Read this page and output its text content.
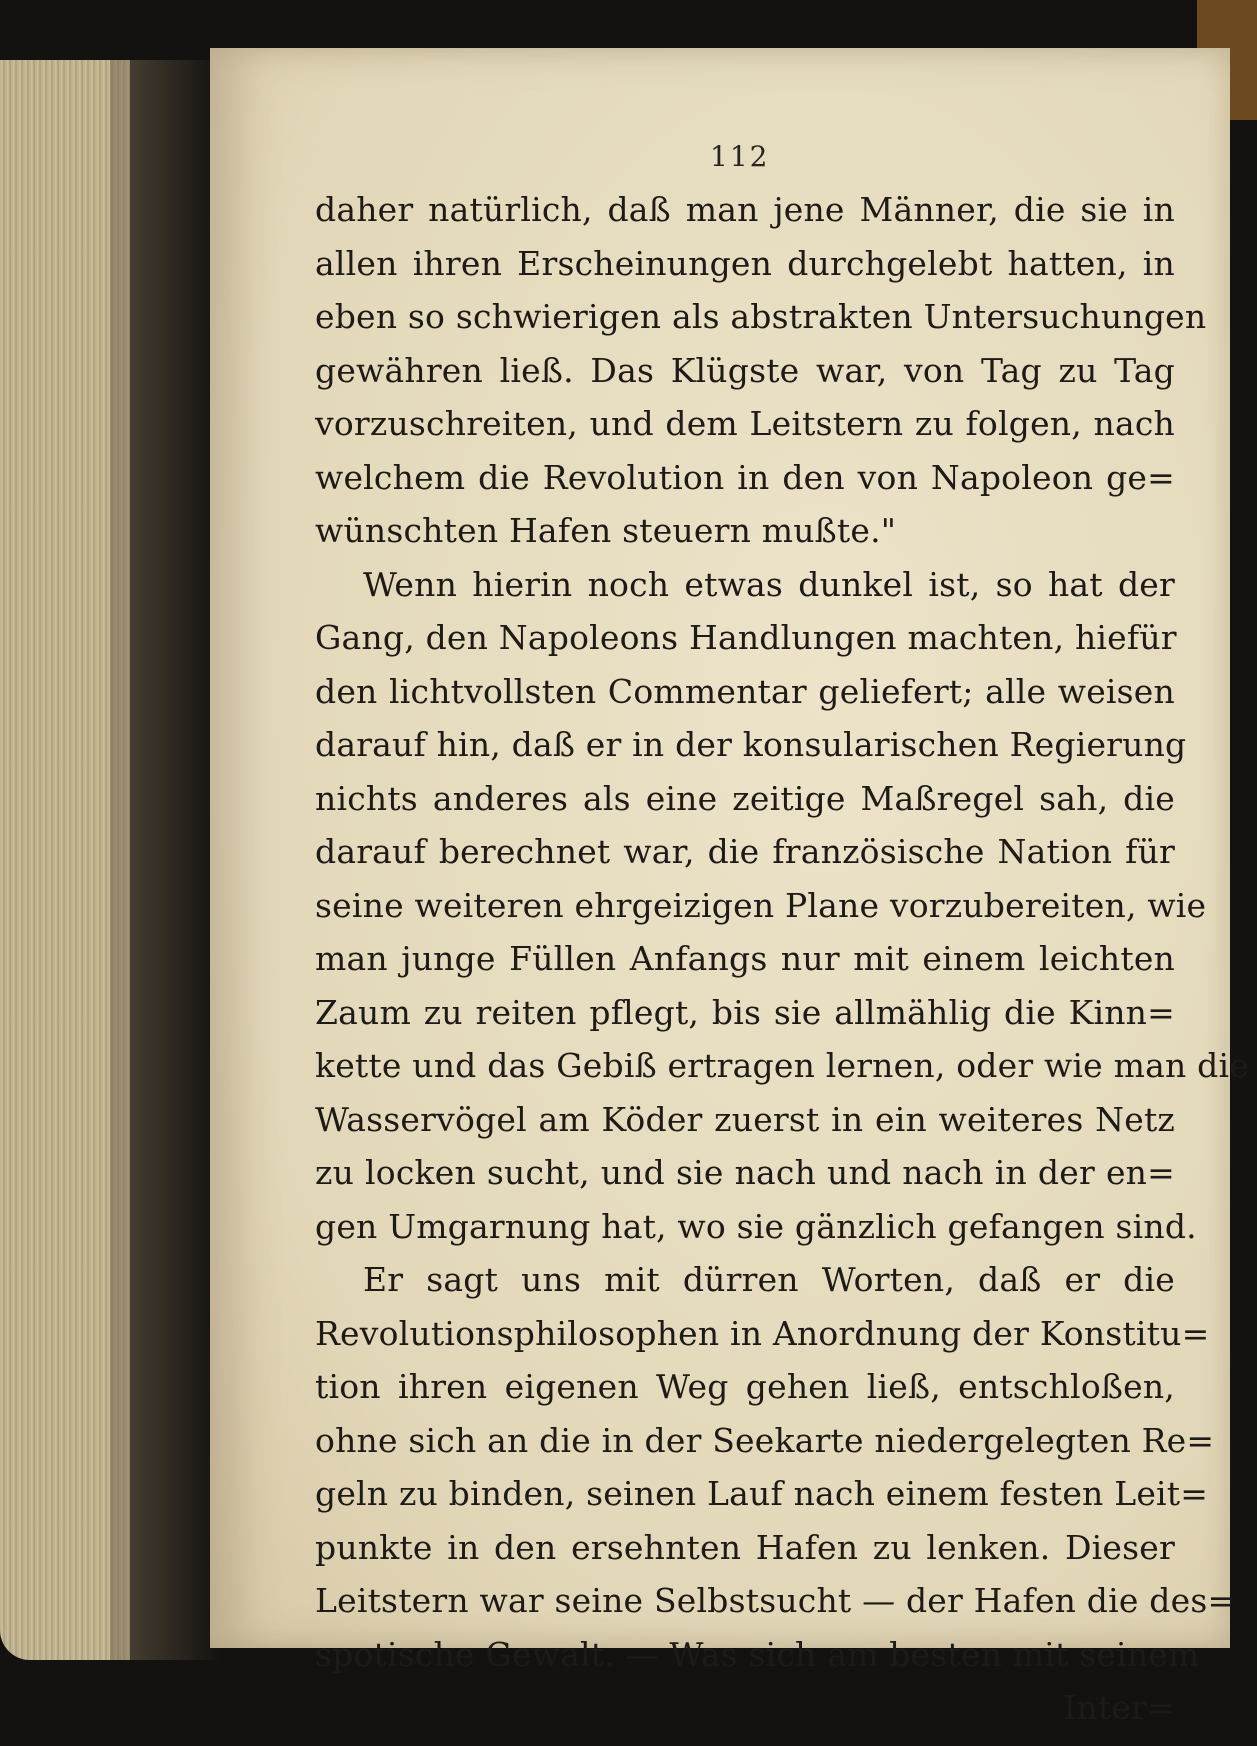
112
daher natürlich, daß man jene Männer, die sie in
allen ihren Erscheinungen durchgelebt hatten, in
eben so schwierigen als abstrakten Untersuchungen
gewähren ließ. Das Klügste war, von Tag zu Tag
vorzuschreiten, und dem Leitstern zu folgen, nach
welchem die Revolution in den von Napoleon ge=
wünschten Hafen steuern mußte."
Wenn hierin noch etwas dunkel ist, so hat der
Gang, den Napoleons Handlungen machten, hiefür
den lichtvollsten Commentar geliefert; alle weisen
darauf hin, daß er in der konsularischen Regierung
nichts anderes als eine zeitige Maßregel sah, die
darauf berechnet war, die französische Nation für
seine weiteren ehrgeizigen Plane vorzubereiten, wie
man junge Füllen Anfangs nur mit einem leichten
Zaum zu reiten pflegt, bis sie allmählig die Kinn=
kette und das Gebiß ertragen lernen, oder wie man die
Wasservögel am Köder zuerst in ein weiteres Netz
zu locken sucht, und sie nach und nach in der en=
gen Umgarnung hat, wo sie gänzlich gefangen sind.
Er sagt uns mit dürren Worten, daß er die
Revolutionsphilosophen in Anordnung der Konstitu=
tion ihren eigenen Weg gehen ließ, entschloßen,
ohne sich an die in der Seekarte niedergelegten Re=
geln zu binden, seinen Lauf nach einem festen Leit=
punkte in den ersehnten Hafen zu lenken. Dieser
Leitstern war seine Selbstsucht — der Hafen die des=
spotische Gewalt. — Was sich am besten mit seinem
Inter=
